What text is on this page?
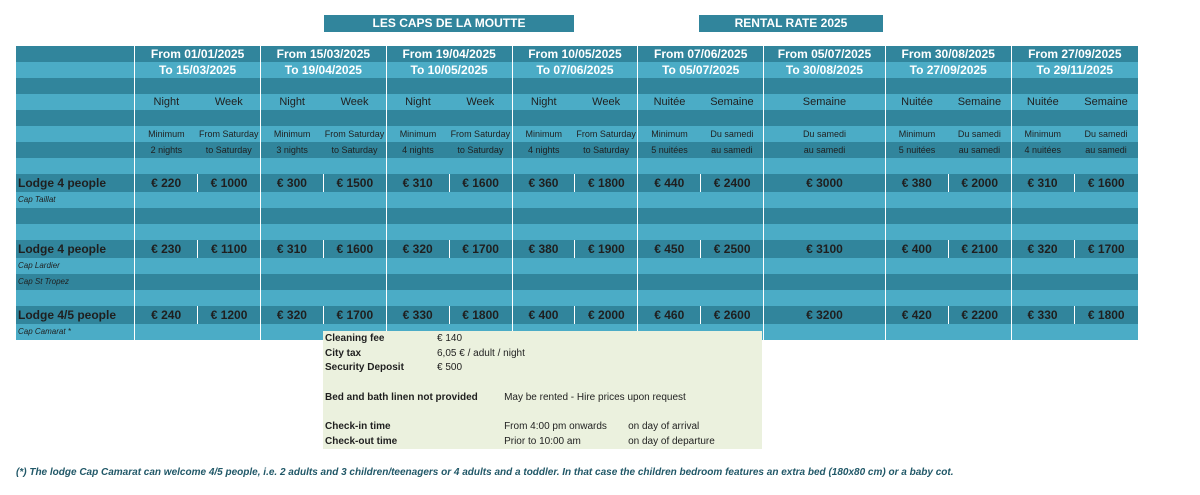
LES CAPS DE LA MOUTTE	RENTAL RATE 2025
	From 01/01/2025		From 15/03/2025		From 19/04/2025		From 10/05/2025		From 07/06/2025		From 05/07/2025	From 30/08/2025		From 27/09/2025	
	To 15/03/2025		To 19/04/2025		To 10/05/2025		To 07/06/2025		To 05/07/2025		To 30/08/2025	To 27/09/2025		To 29/11/2025	

	Night	Week	Night	Week	Night	Week	Night	Week	Nuitée	Semaine	Semaine	Nuitée	Semaine	Nuitée	Semaine

	Minimum	From Saturday	Minimum	From Saturday	Minimum	From Saturday	Minimum	From Saturday	Minimum	Du samedi	Du samedi	Minimum	Du samedi	Minimum	Du samedi
	2 nights	to Saturday	3 nights	to Saturday	4 nights	to Saturday	4 nights	to Saturday	5 nuitées	au samedi	au samedi	5 nuitées	au samedi	4 nuitées	au samedi

Lodge 4 people	€ 220	€ 1000	€ 300	€ 1500	€ 310	€ 1600	€ 360	€ 1800	€ 440	€ 2400	€ 3000	€ 380	€ 2000	€ 310	€ 1600
Cap Taillat															

Lodge 4 people	€ 230	€ 1100	€ 310	€ 1600	€ 320	€ 1700	€ 380	€ 1900	€ 450	€ 2500	€ 3100	€ 400	€ 2100	€ 320	€ 1700
Cap Lardier															
Cap St Tropez															

Lodge 4/5 people	€ 240	€ 1200	€ 320	€ 1700	€ 330	€ 1800	€ 400	€ 2000	€ 460	€ 2600	€ 3200	€ 420	€ 2200	€ 330	€ 1800
Cap Camarat *															
Cleaning fee	€ 140		
City tax	6,05 € / adult / night		
Security Deposit	€ 500		

Bed and bath linen not provided		May be rented - Hire prices upon request	

Check-in time		From 4:00 pm onwards	on day of arrival
Check-out time		Prior to 10:00 am	on day of departure
(*) The lodge Cap Camarat can welcome 4/5 people, i.e. 2 adults and 3 children/teenagers or 4 adults and a toddler. In that case the children bedroom features an extra bed (180x80 cm) or a baby cot.
